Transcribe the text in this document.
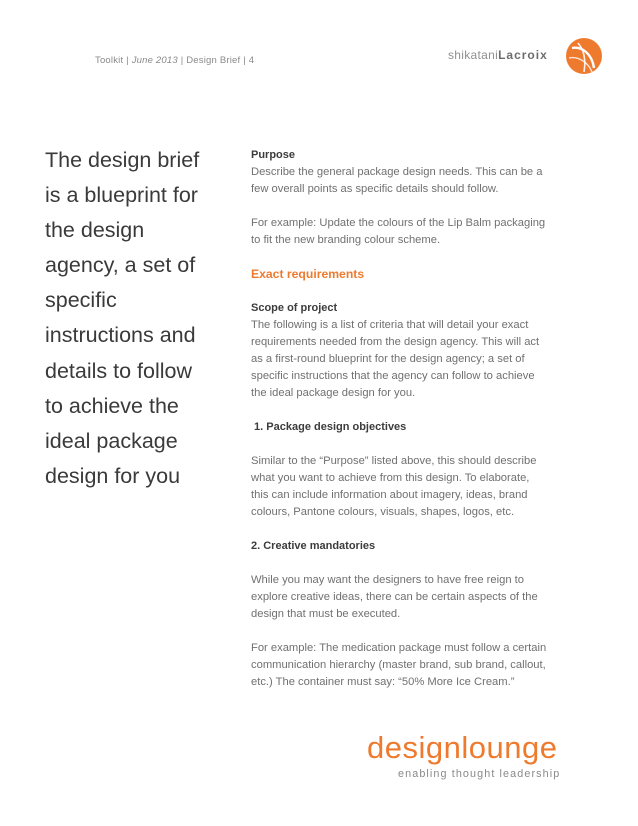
Toolkit | June 2013 | Design Brief | 4	shikataniLacroix
The design brief
is a blueprint for
the design
agency, a set of
specific
instructions and
details to follow
to achieve the
ideal package
design for you
Purpose

Describe the general package design needs. This can be a

few overall points as specific details should follow.

For example: Update the colours of the Lip Balm packaging

to fit the new branding colour scheme.

Exact requirements
Scope of project

The following is a list of criteria that will detail your exact

requirements needed from the design agency. This will act

as a first-round blueprint for the design agency; a set of

specific instructions that the agency can follow to achieve

the ideal package design for you.

1. Package design objectives

Similar to the “Purpose” listed above, this should describe

what you want to achieve from this design. To elaborate,

this can include information about imagery, ideas, brand

colours, Pantone colours, visuals, shapes, logos, etc.

2. Creative mandatories

While you may want the designers to have free reign to

explore creative ideas, there can be certain aspects of the

design that must be executed.

For example: The medication package must follow a certain

communication hierarchy (master brand, sub brand, callout,

etc.) The container must say: “50% More Ice Cream.”

designlounge
enabling thought leadership
